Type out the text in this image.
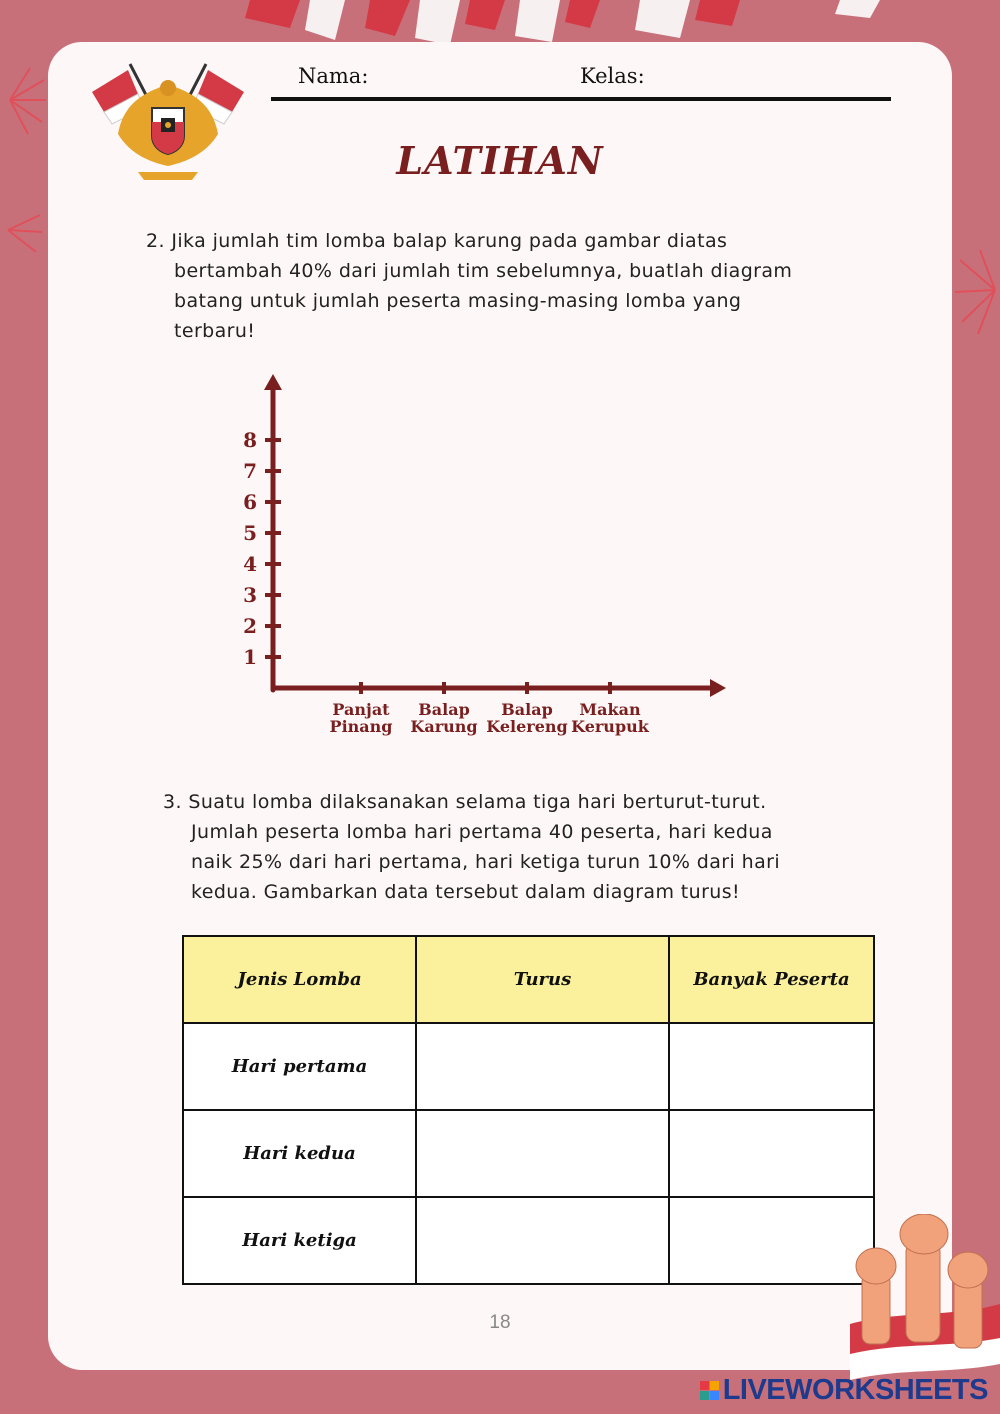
Nama:	Kelas:
LATIHAN
2. Jika jumlah tim lomba balap karung pada gambar diatas
bertambah 40% dari jumlah tim sebelumnya, buatlah diagram
batang untuk jumlah peserta masing-masing lomba yang
terbaru!
1
2
3
4
5
6
7
8
Panjat
Pinang
Balap
Karung
Balap
Kelereng
Makan
Kerupuk
3. Suatu lomba dilaksanakan selama tiga hari berturut-turut.
Jumlah peserta lomba hari pertama 40 peserta, hari kedua
naik 25% dari hari pertama, hari ketiga turun 10% dari hari
kedua. Gambarkan data tersebut dalam diagram turus!
Jenis Lomba	Turus	Banyak Peserta
Hari pertama		
Hari kedua		
Hari ketiga		
18
LIVEWORKSHEETS
